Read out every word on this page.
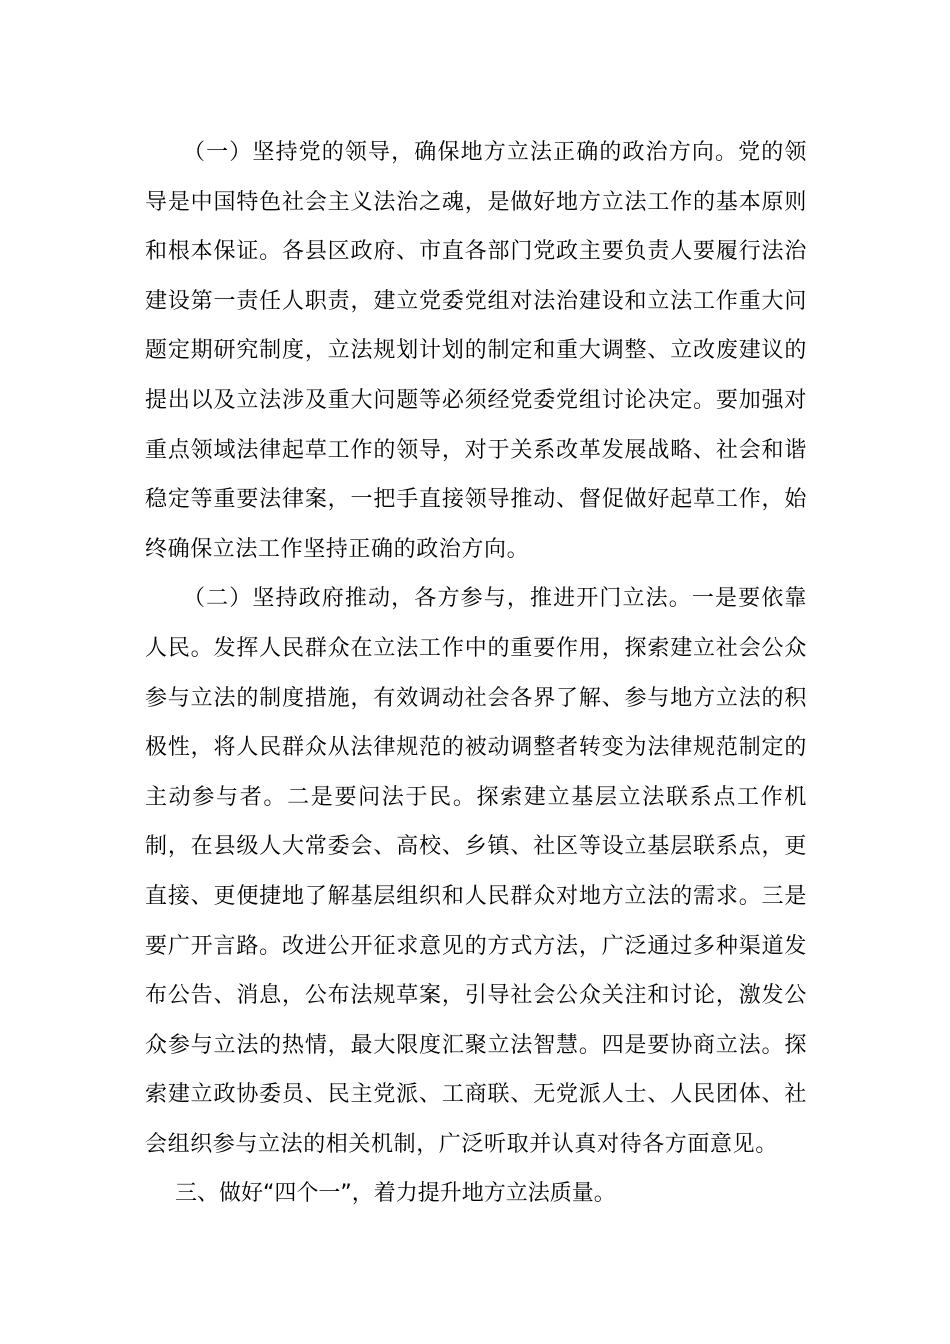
（一）坚持党的领导，确保地方立法正确的政治方向。党的领导是中国特色社会主义法治之魂，是做好地方立法工作的基本原则和根本保证。各县区政府、市直各部门党政主要负责人要履行法治建设第一责任人职责，建立党委党组对法治建设和立法工作重大问题定期研究制度，立法规划计划的制定和重大调整、立改废建议的提出以及立法涉及重大问题等必须经党委党组讨论决定。要加强对重点领域法律起草工作的领导，对于关系改革发展战略、社会和谐稳定等重要法律案，一把手直接领导推动、督促做好起草工作，始终确保立法工作坚持正确的政治方向。

（二）坚持政府推动，各方参与，推进开门立法。一是要依靠人民。发挥人民群众在立法工作中的重要作用，探索建立社会公众参与立法的制度措施，有效调动社会各界了解、参与地方立法的积极性，将人民群众从法律规范的被动调整者转变为法律规范制定的主动参与者。二是要问法于民。探索建立基层立法联系点工作机制，在县级人大常委会、高校、乡镇、社区等设立基层联系点，更直接、更便捷地了解基层组织和人民群众对地方立法的需求。三是要广开言路。改进公开征求意见的方式方法，广泛通过多种渠道发布公告、消息，公布法规草案，引导社会公众关注和讨论，激发公众参与立法的热情，最大限度汇聚立法智慧。四是要协商立法。探索建立政协委员、民主党派、工商联、无党派人士、人民团体、社会组织参与立法的相关机制，广泛听取并认真对待各方面意见。

三、做好“四个一”，着力提升地方立法质量。
